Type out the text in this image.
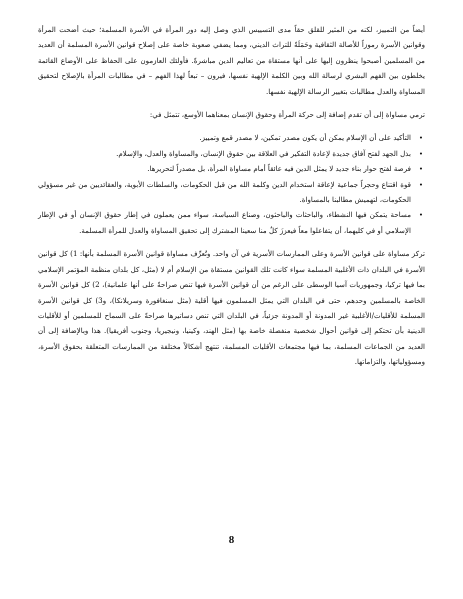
أيضاً من التمييز، لكنه من المثير للقلق حقاً مدى التسييس الذي وصل إليه دور المرأة في الأسرة المسلمة؛ حيث أضحت المرأة وقوانين الأسرة رموزاً للأصالة الثقافية وحَمَلَةً للتراث الديني، ومما يضفي صعوبة خاصة على إصلاح قوانين الأسرة المسلمة أن العديد من المسلمين أصبحوا ينظرون إليها على أنها مستقاة من تعاليم الدين مباشرةً. فأولئك العازمون على الحفاظ على الأوضاع القائمة يخلطون بين الفهم البشري لرسالة الله وبين الكلمة الإلهية نفسها، فيرون – تبعاً لهذا الفهم – في مطالبات المرأة بالإصلاح لتحقيق المساواة والعدل مطالبات بتغيير الرسالة الإلهية نفسها.

ترمي مساواة إلى أن تقدم إضافة إلى حركة المرأة وحقوق الإنسان بمعناهما الأوسع، تتمثل في:

• التأكيد على أن الإسلام يمكن أن يكون مصدر تمكين، لا مصدر قمع وتمييز.
• بذل الجهد لفتح آفاق جديدة لإعادة التفكير في العلاقة بين حقوق الإنسان، والمساواة والعدل، والإسلام.
• فرصة لفتح حوار بناء جديد لا يمثل الدين فيه عائقاً أمام مساواة المرأة، بل مصدراً لتحريرها.
• قوة اقتناع وحجراً جماعية لإعاقة استخدام الدين وكلمة الله من قبل الحكومات، والسلطات الأبوية، والعقائديين من غير مسؤولي الحكومات، لتهميش مطالبنا بالمساواة.
• مساحة يتمكن فيها النشطاء، والباحثات والباحثون، وصناع السياسة، سواء ممن يعملون في إطار حقوق الإنسان أو في الإطار الإسلامي أو في كليهما، أن يتفاعلوا معاً فيعززَ كلٌ منا سعينا المشترك إلى تحقيق المساواة والعدل للمرأة المسلمة.

تركز مساواة على قوانين الأسرة وعلى الممارسات الأسرية في آن واحد. وتُعرِّف مساواة قوانين الأسرة المسلمة بأنها: 1) كل قوانين الأسرة في البلدان ذات الأغلبية المسلمة سواء كانت تلك القوانين مستقاة من الإسلام أم لا (مثل، كل بلدان منظمة المؤتمر الإسلامي بما فيها تركيا، وجمهوريات آسيا الوسطى على الرغم من أن قوانين الأسرة فيها تنص صراحةً على أنها علمانية)، 2) كل قوانين الأسرة الخاصة بالمسلمين وحدهم، حتى في البلدان التي يمثل المسلمون فيها أقلية (مثل سنغافورة وسريلانكا)، و3) كل قوانين الأسرة المسلمة للأقليات/الأغلبية غير المدونة أو المدونة جزئياً، في البلدان التي تنص دساتيرها صراحةً على السماح للمسلمين أو للأقليات الدينية بأن تحتكم إلى قوانين أحوال شخصية منفصلة خاصة بها (مثل الهند، وكينيا، ونيجيريا، وجنوب أفريقيا). هذا وبالإضافة إلى أن العديد من الجماعات المسلمة، بما فيها مجتمعات الأقليات المسلمة، تنتهج أشكالاً مختلفة من الممارسات المتعلقة بحقوق الأسرة، ومسؤولياتها، والتزاماتها.

8
